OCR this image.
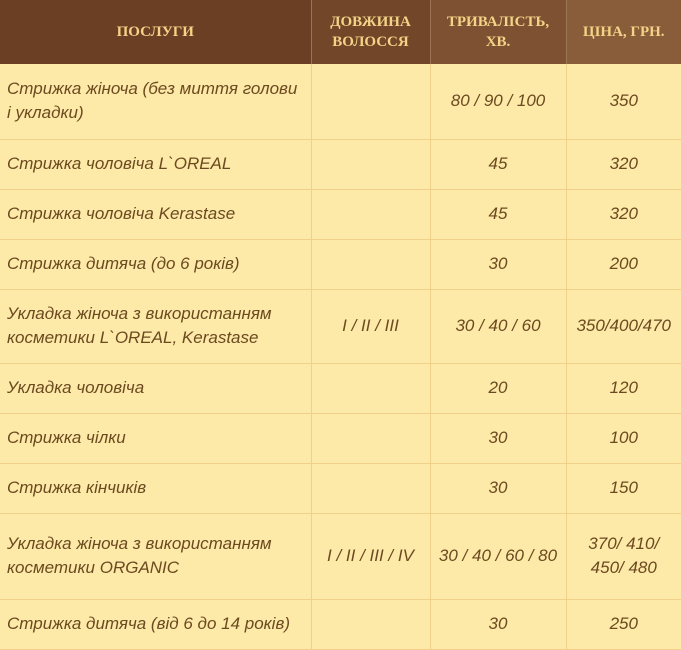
ПОСЛУГИ	ДОВЖИНА ВОЛОССЯ	ТРИВАЛІСТЬ, ХВ.	ЦІНА, ГРН.
Стрижка жіноча (без миття голови і укладки)		80 / 90 / 100	350
Стрижка чоловіча L`OREAL		45	320
Стрижка чоловіча Kerastase		45	320
Стрижка дитяча (до 6 років)		30	200
Укладка жіноча з використанням косметики L`OREAL, Kerastase	I / II / III	30 / 40 / 60	350/400/470
Укладка чоловіча		20	120
Стрижка чілки		30	100
Стрижка кінчиків		30	150
Укладка жіноча з використанням косметики ORGANIC	I / II / III / IV	30 / 40 / 60 / 80	370/ 410/ 450/ 480
Стрижка дитяча (від 6 до 14 років)		30	250
